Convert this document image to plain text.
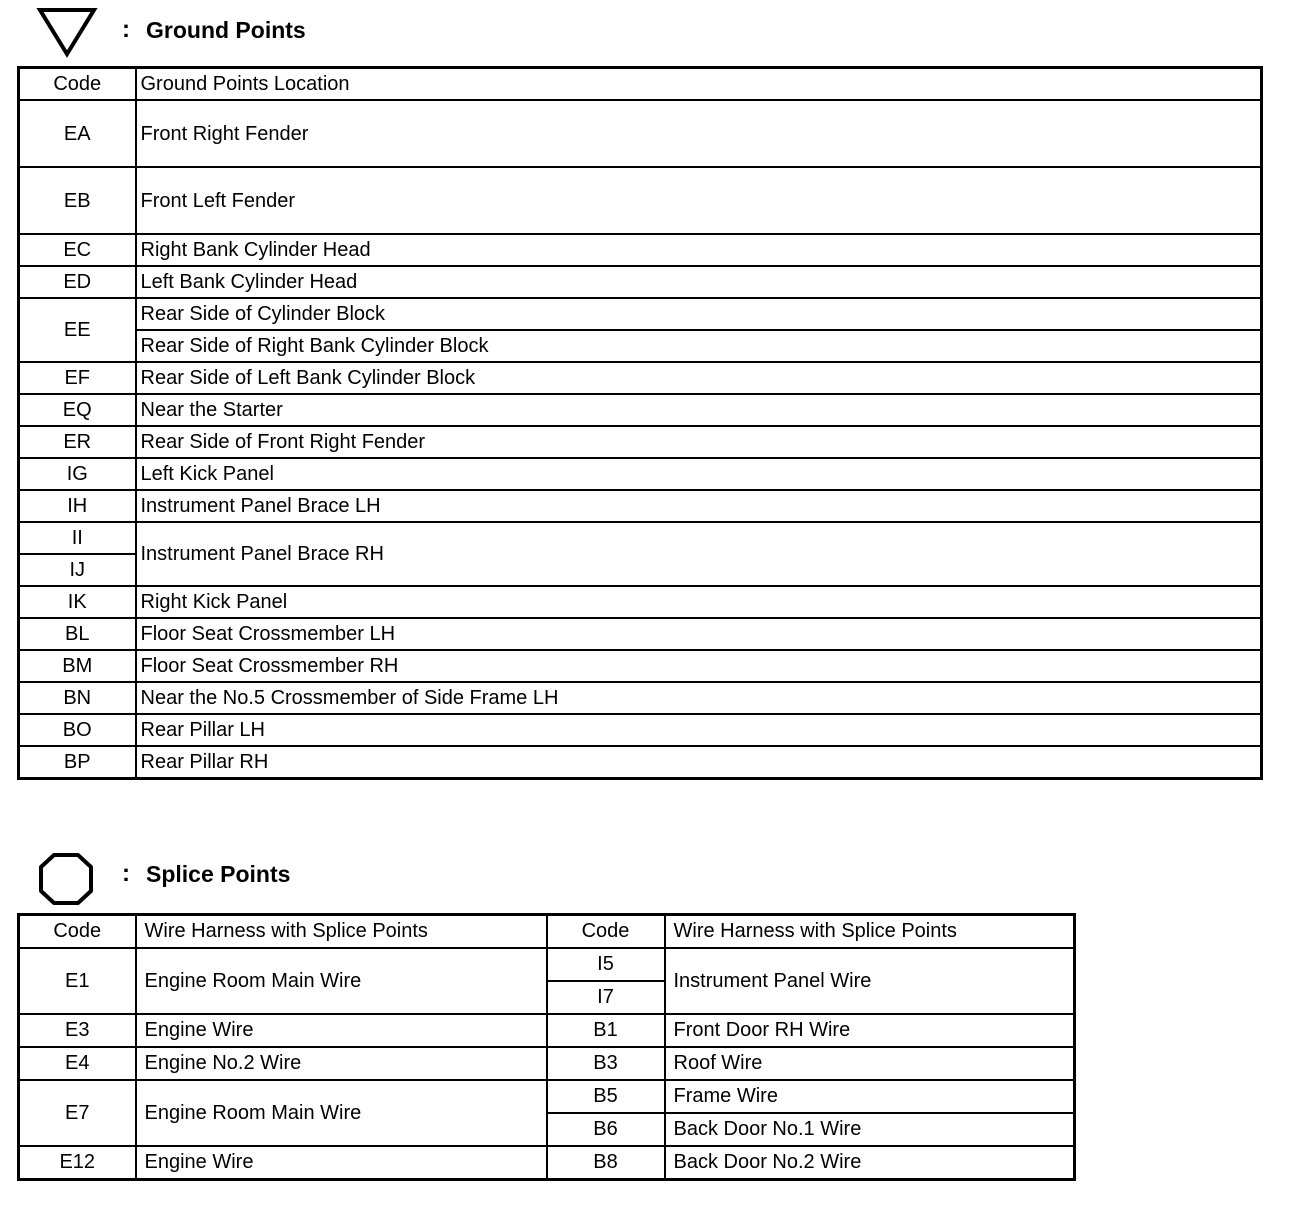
: Ground Points
Code	Ground Points Location
EA	Front Right Fender
EB	Front Left Fender
EC	Right Bank Cylinder Head
ED	Left Bank Cylinder Head
EE	Rear Side of Cylinder Block
	Rear Side of Right Bank Cylinder Block
EF	Rear Side of Left Bank Cylinder Block
EQ	Near the Starter
ER	Rear Side of Front Right Fender
IG	Left Kick Panel
IH	Instrument Panel Brace LH
II	Instrument Panel Brace RH
IJ	
IK	Right Kick Panel
BL	Floor Seat Crossmember LH
BM	Floor Seat Crossmember RH
BN	Near the No.5 Crossmember of Side Frame LH
BO	Rear Pillar LH
BP	Rear Pillar RH
: Splice Points
Code	Wire Harness with Splice Points	Code	Wire Harness with Splice Points
E1	Engine Room Main Wire	I5	Instrument Panel Wire
		I7	
E3	Engine Wire	B1	Front Door RH Wire
E4	Engine No.2 Wire	B3	Roof Wire
E7	Engine Room Main Wire	B5	Frame Wire
		B6	Back Door No.1 Wire
E12	Engine Wire	B8	Back Door No.2 Wire
